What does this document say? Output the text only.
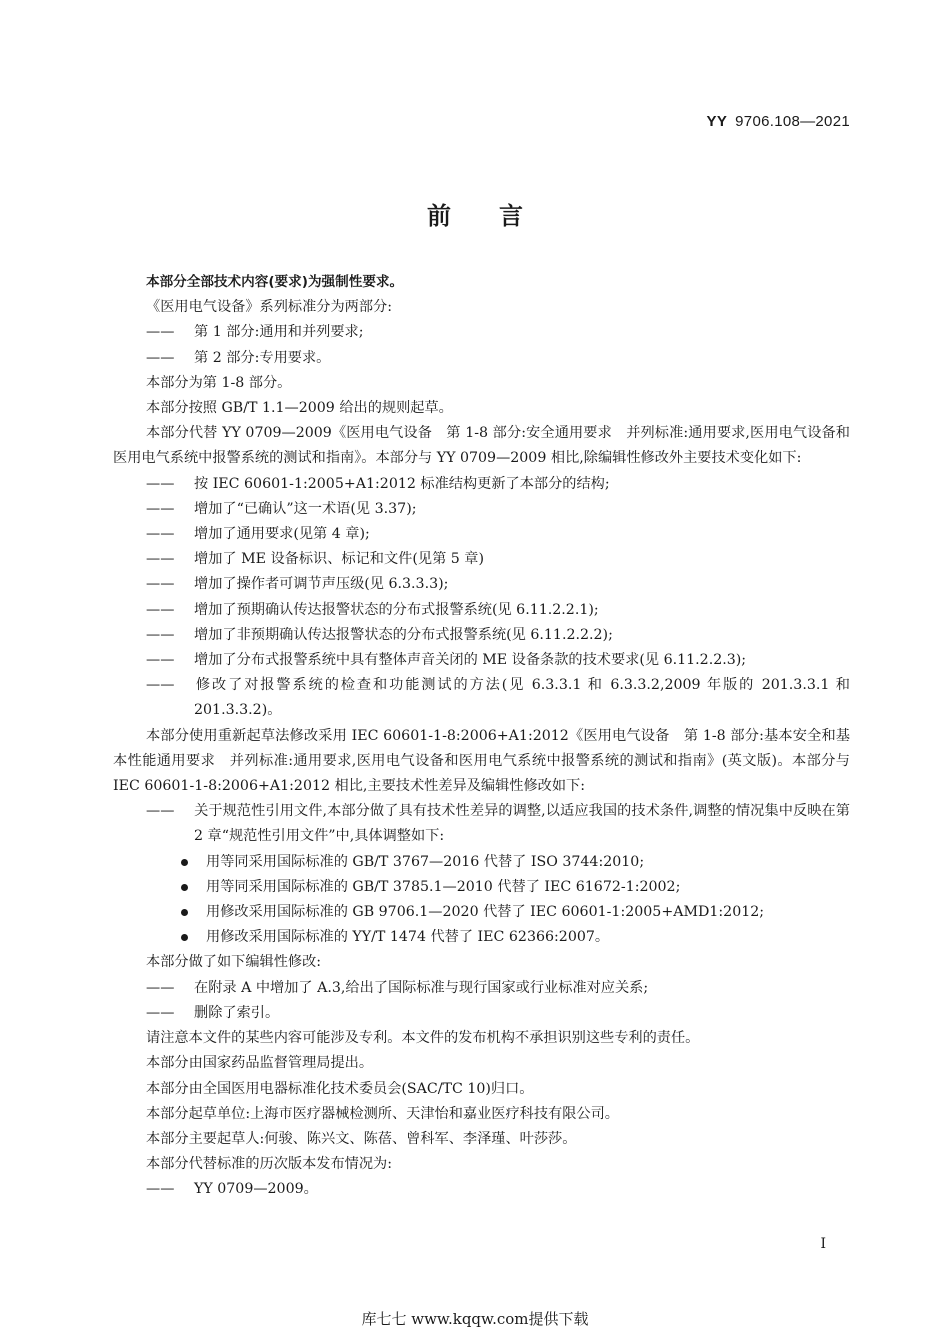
YY 9706.108—2021
前言

本部分全部技术内容(要求)为强制性要求。

《医用电气设备》系列标准分为两部分:

—— 第 1 部分:通用和并列要求;

—— 第 2 部分:专用要求。

本部分为第 1-8 部分。

本部分按照 GB/T 1.1—2009 给出的规则起草。

本部分代替 YY 0709—2009《医用电气设备　第 1-8 部分:安全通用要求　并列标准:通用要求,医用电气设备和医用电气系统中报警系统的测试和指南》。本部分与 YY 0709—2009 相比,除编辑性修改外主要技术变化如下:

—— 按 IEC 60601-1:2005+A1:2012 标准结构更新了本部分的结构;

—— 增加了“已确认”这一术语(见 3.37);

—— 增加了通用要求(见第 4 章);

—— 增加了 ME 设备标识、标记和文件(见第 5 章)

—— 增加了操作者可调节声压级(见 6.3.3.3);

—— 增加了预期确认传达报警状态的分布式报警系统(见 6.11.2.2.1);

—— 增加了非预期确认传达报警状态的分布式报警系统(见 6.11.2.2.2);

—— 增加了分布式报警系统中具有整体声音关闭的 ME 设备条款的技术要求(见 6.11.2.2.3);

—— 修改了对报警系统的检查和功能测试的方法(见 6.3.3.1 和 6.3.3.2,2009 年版的 201.3.3.1 和 201.3.3.2)。

本部分使用重新起草法修改采用 IEC 60601-1-8:2006+A1:2012《医用电气设备　第 1-8 部分:基本安全和基本性能通用要求　并列标准:通用要求,医用电气设备和医用电气系统中报警系统的测试和指南》(英文版)。本部分与 IEC 60601-1-8:2006+A1:2012 相比,主要技术性差异及编辑性修改如下:

—— 关于规范性引用文件,本部分做了具有技术性差异的调整,以适应我国的技术条件,调整的情况集中反映在第 2 章“规范性引用文件”中,具体调整如下:

用等同采用国际标准的 GB/T 3767—2016 代替了 ISO 3744:2010;

用等同采用国际标准的 GB/T 3785.1—2010 代替了 IEC 61672-1:2002;

用修改采用国际标准的 GB 9706.1—2020 代替了 IEC 60601-1:2005+AMD1:2012;

用修改采用国际标准的 YY/T 1474 代替了 IEC 62366:2007。

本部分做了如下编辑性修改:

—— 在附录 A 中增加了 A.3,给出了国际标准与现行国家或行业标准对应关系;

—— 删除了索引。

请注意本文件的某些内容可能涉及专利。本文件的发布机构不承担识别这些专利的责任。

本部分由国家药品监督管理局提出。

本部分由全国医用电器标准化技术委员会(SAC/TC 10)归口。

本部分起草单位:上海市医疗器械检测所、天津怡和嘉业医疗科技有限公司。

本部分主要起草人:何骏、陈兴文、陈蓓、曾科军、李泽瑾、叶莎莎。

本部分代替标准的历次版本发布情况为:

—— YY 0709—2009。

I
库七七 www.kqqw.com提供下载
